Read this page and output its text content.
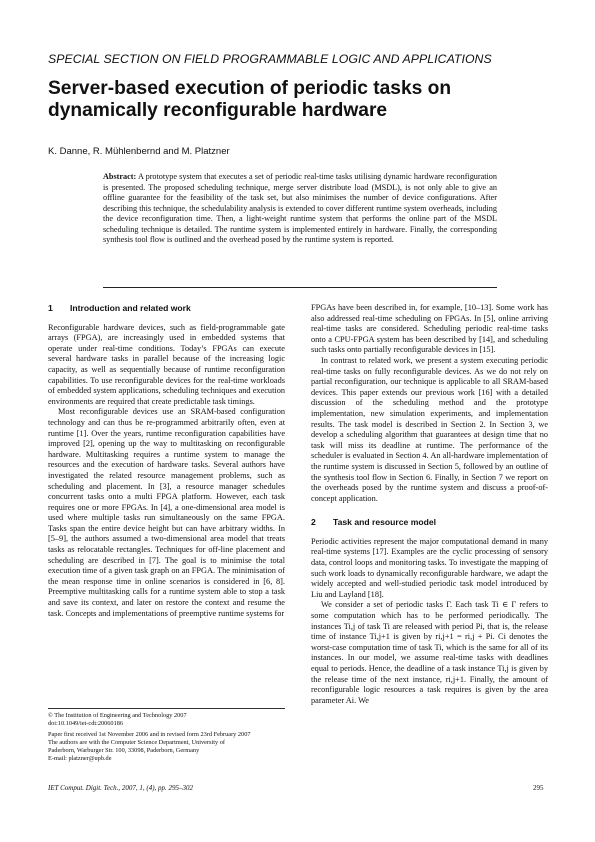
SPECIAL SECTION ON FIELD PROGRAMMABLE LOGIC AND APPLICATIONS
Server-based execution of periodic tasks on dynamically reconfigurable hardware
K. Danne, R. Mühlenbernd and M. Platzner
Abstract: A prototype system that executes a set of periodic real-time tasks utilising dynamic hardware reconfiguration is presented. The proposed scheduling technique, merge server distribute load (MSDL), is not only able to give an offline guarantee for the feasibility of the task set, but also minimises the number of device configurations. After describing this technique, the schedulability analysis is extended to cover different runtime system overheads, including the device reconfiguration time. Then, a light-weight runtime system that performs the online part of the MSDL scheduling technique is detailed. The runtime system is implemented entirely in hardware. Finally, the corresponding synthesis tool flow is outlined and the overhead posed by the runtime system is reported.
1 Introduction and related work

Reconfigurable hardware devices, such as field-programmable gate arrays (FPGA), are increasingly used in embedded systems that operate under real-time conditions. Today’s FPGAs can execute several hardware tasks in parallel because of the increasing logic capacity, as well as sequentially because of runtime reconfiguration capabilities. To use reconfigurable devices for the real-time workloads of embedded system applications, scheduling techniques and execution environments are required that create predictable task timings.

Most reconfigurable devices use an SRAM-based configuration technology and can thus be re-programmed arbitrarily often, even at runtime [1]. Over the years, runtime reconfiguration capabilities have improved [2], opening up the way to multitasking on reconfigurable hardware. Multitasking requires a runtime system to manage the resources and the execution of hardware tasks. Several authors have investigated the related resource management problems, such as scheduling and placement. In [3], a resource manager schedules concurrent tasks onto a multi FPGA platform. However, each task requires one or more FPGAs. In [4], a one-dimensional area model is used where multiple tasks run simultaneously on the same FPGA. Tasks span the entire device height but can have arbitrary widths. In [5–9], the authors assumed a two-dimensional area model that treats tasks as relocatable rectangles. Techniques for off-line placement and scheduling are described in [7]. The goal is to minimise the total execution time of a given task graph on an FPGA. The minimisation of the mean response time in online scenarios is considered in [6, 8]. Preemptive multitasking calls for a runtime system able to stop a task and save its context, and later on restore the context and resume the task. Concepts and implementations of preemptive runtime systems for

FPGAs have been described in, for example, [10–13]. Some work has also addressed real-time scheduling on FPGAs. In [5], online arriving real-time tasks are considered. Scheduling periodic real-time tasks onto a CPU-FPGA system has been described by [14], and scheduling such tasks onto partially reconfigurable devices in [15].

In contrast to related work, we present a system executing periodic real-time tasks on fully reconfigurable devices. As we do not rely on partial reconfiguration, our technique is applicable to all SRAM-based devices. This paper extends our previous work [16] with a detailed discussion of the scheduling method and the prototype implementation, new simulation experiments, and implementation results. The task model is described in Section 2. In Section 3, we develop a scheduling algorithm that guarantees at design time that no task will miss its deadline at runtime. The performance of the scheduler is evaluated in Section 4. An all-hardware implementation of the runtime system is discussed in Section 5, followed by an outline of the synthesis tool flow in Section 6. Finally, in Section 7 we report on the overheads posed by the runtime system and discuss a proof-of-concept application.

2 Task and resource model

Periodic activities represent the major computational demand in many real-time systems [17]. Examples are the cyclic processing of sensory data, control loops and monitoring tasks. To investigate the mapping of such work loads to dynamically reconfigurable hardware, we adapt the widely accepted and well-studied periodic task model introduced by Liu and Layland [18].

We consider a set of periodic tasks Γ. Each task Ti ∈ Γ refers to some computation which has to be performed periodically. The instances Ti,j of task Ti are released with period Pi, that is, the release time of instance Ti,j+1 is given by ri,j+1 = ri,j + Pi. Ci denotes the worst-case computation time of task Ti, which is the same for all of its instances. In our model, we assume real-time tasks with deadlines equal to periods. Hence, the deadline of a task instance Ti,j is given by the release time of the next instance, ri,j+1. Finally, the amount of reconfigurable logic resources a task requires is given by the area parameter Ai. We

© The Institution of Engineering and Technology 2007
doi:10.1049/iet-cdt:20060186
Paper first received 1st November 2006 and in revised form 23rd February 2007
The authors are with the Computer Science Department, University of
Paderborn, Warburger Str. 100, 33098, Paderborn, Germany
E-mail: platzner@upb.de
IET Comput. Digit. Tech., 2007, 1, (4), pp. 295–302	295
